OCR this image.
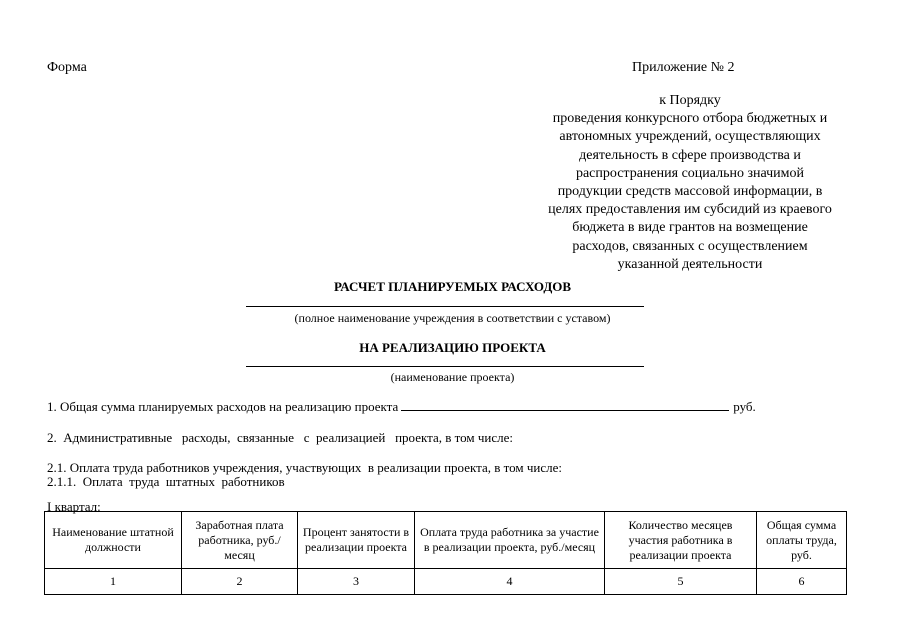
Форма	Приложение № 2
к Порядку
проведения конкурсного отбора бюджетных и
автономных учреждений, осуществляющих
деятельность в сфере производства и
распространения социально значимой
продукции средств массовой информации, в
целях предоставления им субсидий из краевого
бюджета в виде грантов на возмещение
расходов, связанных с осуществлением
указанной деятельности
РАСЧЕТ ПЛАНИРУЕМЫХ РАСХОДОВ
(полное наименование учреждения в соответствии с уставом)
НА РЕАЛИЗАЦИЮ ПРОЕКТА
(наименование проекта)
1. Общая сумма планируемых расходов на реализацию проекта	руб.
2.  Административные   расходы,  связанные   с  реализацией   проекта, в том числе:
2.1. Оплата труда работников учреждения, участвующих  в реализации проекта, в том числе:
2.1.1.  Оплата  труда  штатных  работников
I квартал:
Наименование штатной должности	Заработная плата работника, руб./месяц	Процент занятости в реализации проекта	Оплата труда работника за участие в реализации проекта, руб./месяц	Количество месяцев участия работника в реализации проекта	Общая сумма оплаты труда, руб.
1	2	3	4	5	6
